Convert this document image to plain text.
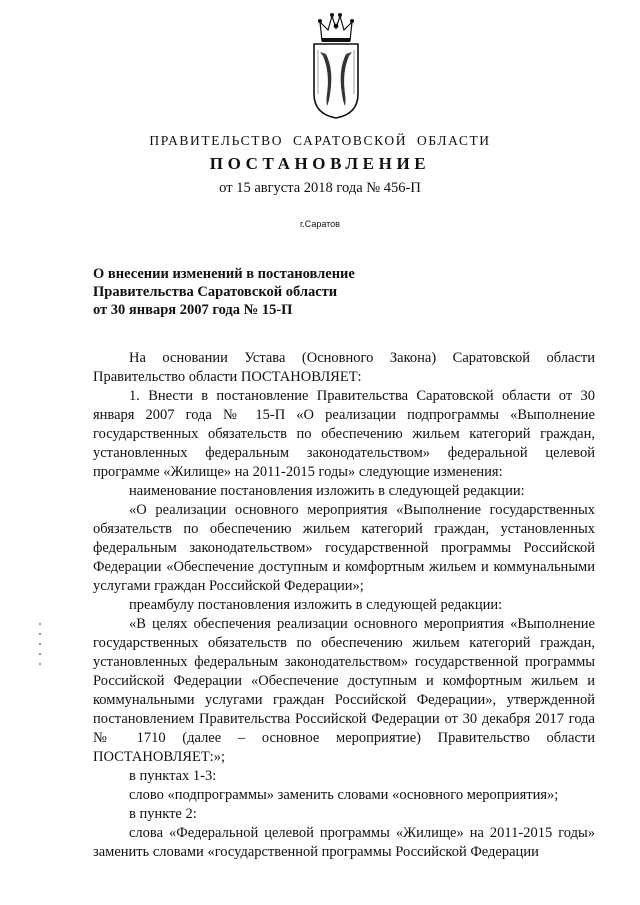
ПРАВИТЕЛЬСТВО САРАТОВСКОЙ ОБЛАСТИ
ПОСТАНОВЛЕНИЕ
от 15 августа 2018 года № 456-П
г.Саратов
О внесении изменений в постановление
Правительства Саратовской области
от 30 января 2007 года № 15-П

На основании Устава (Основного Закона) Саратовской области Правительство области ПОСТАНОВЛЯЕТ:

1. Внести в постановление Правительства Саратовской области от 30 января 2007 года № 15-П «О реализации подпрограммы «Выполнение государственных обязательств по обеспечению жильем категорий граждан, установленных федеральным законодательством» федеральной целевой программе «Жилище» на 2011-2015 годы» следующие изменения:

наименование постановления изложить в следующей редакции:

«О реализации основного мероприятия «Выполнение государственных обязательств по обеспечению жильем категорий граждан, установленных федеральным законодательством» государственной программы Российской Федерации «Обеспечение доступным и комфортным жильем и коммунальными услугами граждан Российской Федерации»;

преамбулу постановления изложить в следующей редакции:

«В целях обеспечения реализации основного мероприятия «Выполнение государственных обязательств по обеспечению жильем категорий граждан, установленных федеральным законодательством» государственной программы Российской Федерации «Обеспечение доступным и комфортным жильем и коммунальными услугами граждан Российской Федерации», утвержденной постановлением Правительства Российской Федерации от 30 декабря 2017 года № 1710 (далее – основное мероприятие) Правительство области ПОСТАНОВЛЯЕТ:»;

в пунктах 1-3:

слово «подпрограммы» заменить словами «основного мероприятия»;

в пункте 2:

слова «Федеральной целевой программы «Жилище» на 2011-2015 годы» заменить словами «государственной программы Российской Федерации
